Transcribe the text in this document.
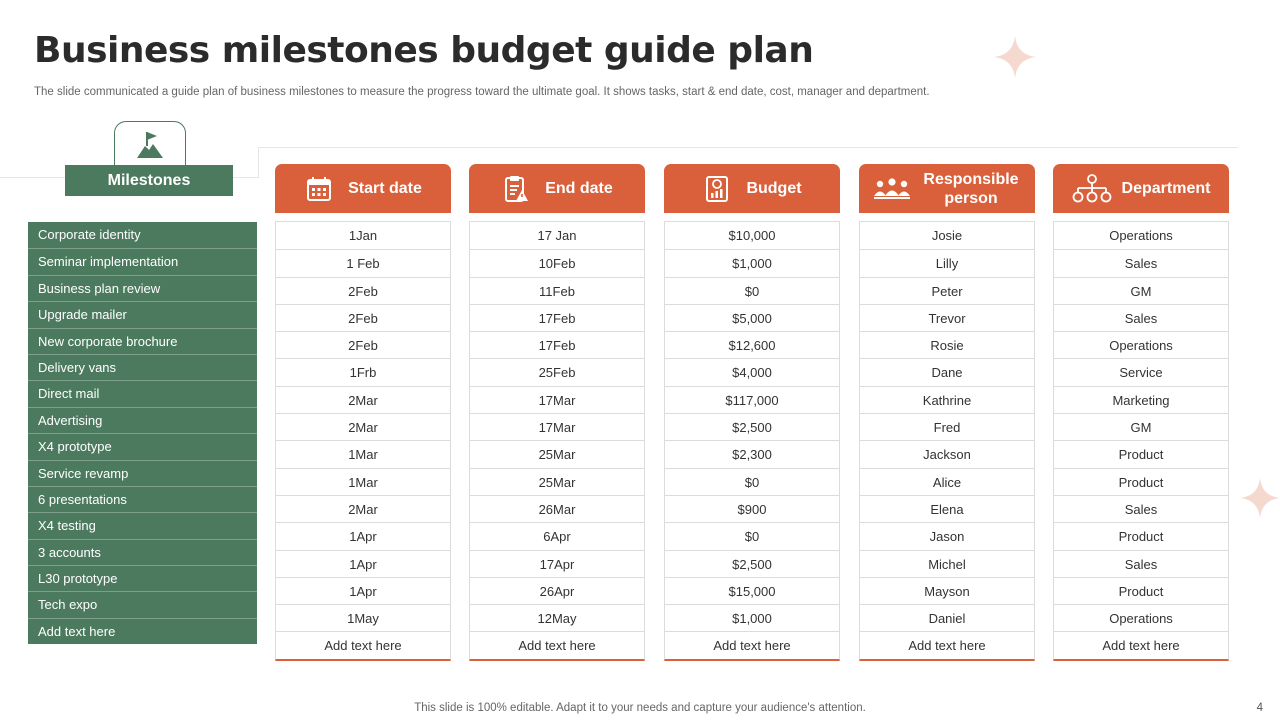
Business milestones budget guide plan
The slide communicated a guide plan of business milestones to measure the progress toward the ultimate goal. It shows tasks, start & end date, cost, manager and department.
Milestones
Corporate identity
Seminar implementation
Business plan review
Upgrade mailer
New corporate brochure
Delivery vans
Direct mail
Advertising
X4 prototype
Service revamp
6 presentations
X4 testing
3 accounts
L30 prototype
Tech expo
Add text here
Start date
1Jan
1 Feb
2Feb
2Feb
2Feb
1Frb
2Mar
2Mar
1Mar
1Mar
2Mar
1Apr
1Apr
1Apr
1May
Add text here
End date
17 Jan
10Feb
11Feb
17Feb
17Feb
25Feb
17Mar
17Mar
25Mar
25Mar
26Mar
6Apr
17Apr
26Apr
12May
Add text here
Budget
$10,000
$1,000
$0
$5,000
$12,600
$4,000
$117,000
$2,500
$2,300
$0
$900
$0
$2,500
$15,000
$1,000
Add text here
Responsible person
Josie
Lilly
Peter
Trevor
Rosie
Dane
Kathrine
Fred
Jackson
Alice
Elena
Jason
Michel
Mayson
Daniel
Add text here
Department
Operations
Sales
GM
Sales
Operations
Service
Marketing
GM
Product
Product
Sales
Product
Sales
Product
Operations
Add text here
This slide is 100% editable. Adapt it to your needs and capture your audience's attention.	4
